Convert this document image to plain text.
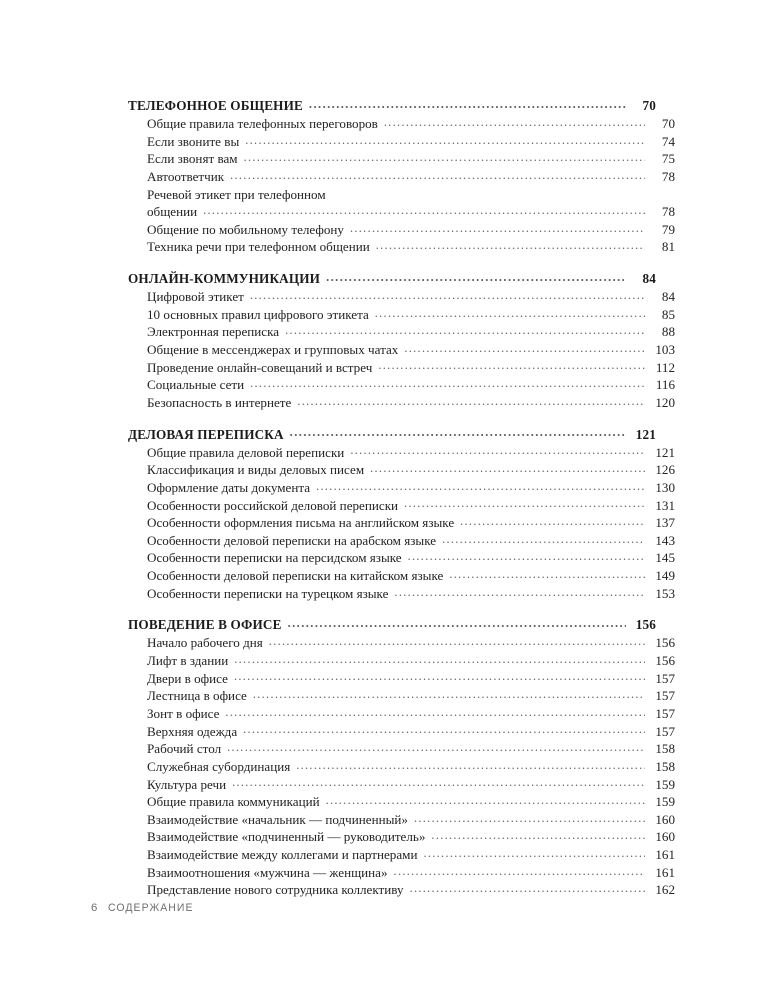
ТЕЛЕФОННОЕ ОБЩЕНИЕ .....	70
Общие правила телефонных переговоров .....	70
Если звоните вы .....	74
Если звонят вам .....	75
Автоответчик .....	78
Речевой этикет при телефонном
общении .....	78
Общение по мобильному телефону .....	79
Техника речи при телефонном общении .....	81
ОНЛАЙН-КОММУНИКАЦИИ .....	84
Цифровой этикет .....	84
10 основных правил цифрового этикета .....	85
Электронная переписка .....	88
Общение в мессенджерах и групповых чатах .....	103
Проведение онлайн-совещаний и встреч .....	112
Социальные сети .....	116
Безопасность в интернете .....	120
ДЕЛОВАЯ ПЕРЕПИСКА .....	121
Общие правила деловой переписки .....	121
Классификация и виды деловых писем .....	126
Оформление даты документа .....	130
Особенности российской деловой переписки .....	131
Особенности оформления письма на английском языке .....	137
Особенности деловой переписки на арабском языке .....	143
Особенности переписки на персидском языке .....	145
Особенности деловой переписки на китайском языке .....	149
Особенности переписки на турецком языке .....	153
ПОВЕДЕНИЕ В ОФИСЕ .....	156
Начало рабочего дня .....	156
Лифт в здании .....	156
Двери в офисе .....	157
Лестница в офисе .....	157
Зонт в офисе .....	157
Верхняя одежда .....	157
Рабочий стол .....	158
Служебная субординация .....	158
Культура речи .....	159
Общие правила коммуникаций .....	159
Взаимодействие «начальник — подчиненный» .....	160
Взаимодействие «подчиненный — руководитель» .....	160
Взаимодействие между коллегами и партнерами .....	161
Взаимоотношения «мужчина — женщина» .....	161
Представление нового сотрудника коллективу .....	162
6 СОДЕРЖАНИЕ
